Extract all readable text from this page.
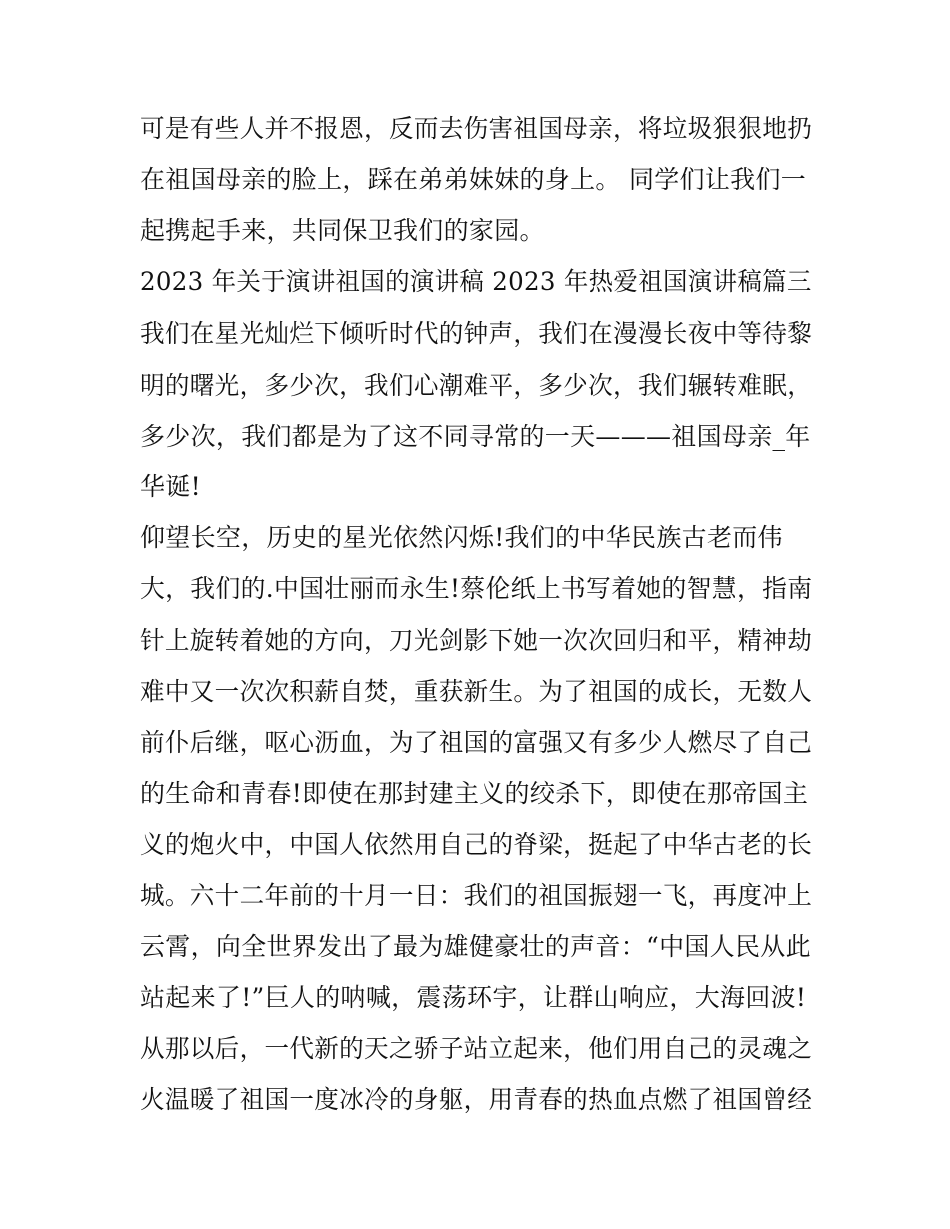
可是有些人并不报恩，反而去伤害祖国母亲，将垃圾狠狠地扔
在祖国母亲的脸上，踩在弟弟妹妹的身上。 同学们让我们一
起携起手来，共同保卫我们的家园。
2023 年关于演讲祖国的演讲稿 2023 年热爱祖国演讲稿篇三
我们在星光灿烂下倾听时代的钟声，我们在漫漫长夜中等待黎
明的曙光，多少次，我们心潮难平，多少次，我们辗转难眠，
多少次，我们都是为了这不同寻常的一天———祖国母亲_年
华诞!
仰望长空，历史的星光依然闪烁!我们的中华民族古老而伟
大，我们的.中国壮丽而永生!蔡伦纸上书写着她的智慧，指南
针上旋转着她的方向，刀光剑影下她一次次回归和平，精神劫
难中又一次次积薪自焚，重获新生。为了祖国的成长，无数人
前仆后继，呕心沥血，为了祖国的富强又有多少人燃尽了自己
的生命和青春!即使在那封建主义的绞杀下，即使在那帝国主
义的炮火中，中国人依然用自己的脊梁，挺起了中华古老的长
城。六十二年前的十月一日：我们的祖国振翅一飞，再度冲上
云霄，向全世界发出了最为雄健豪壮的声音：“中国人民从此
站起来了!”巨人的呐喊，震荡环宇，让群山响应，大海回波!
从那以后，一代新的天之骄子站立起来，他们用自己的灵魂之
火温暖了祖国一度冰冷的身躯，用青春的热血点燃了祖国曾经
